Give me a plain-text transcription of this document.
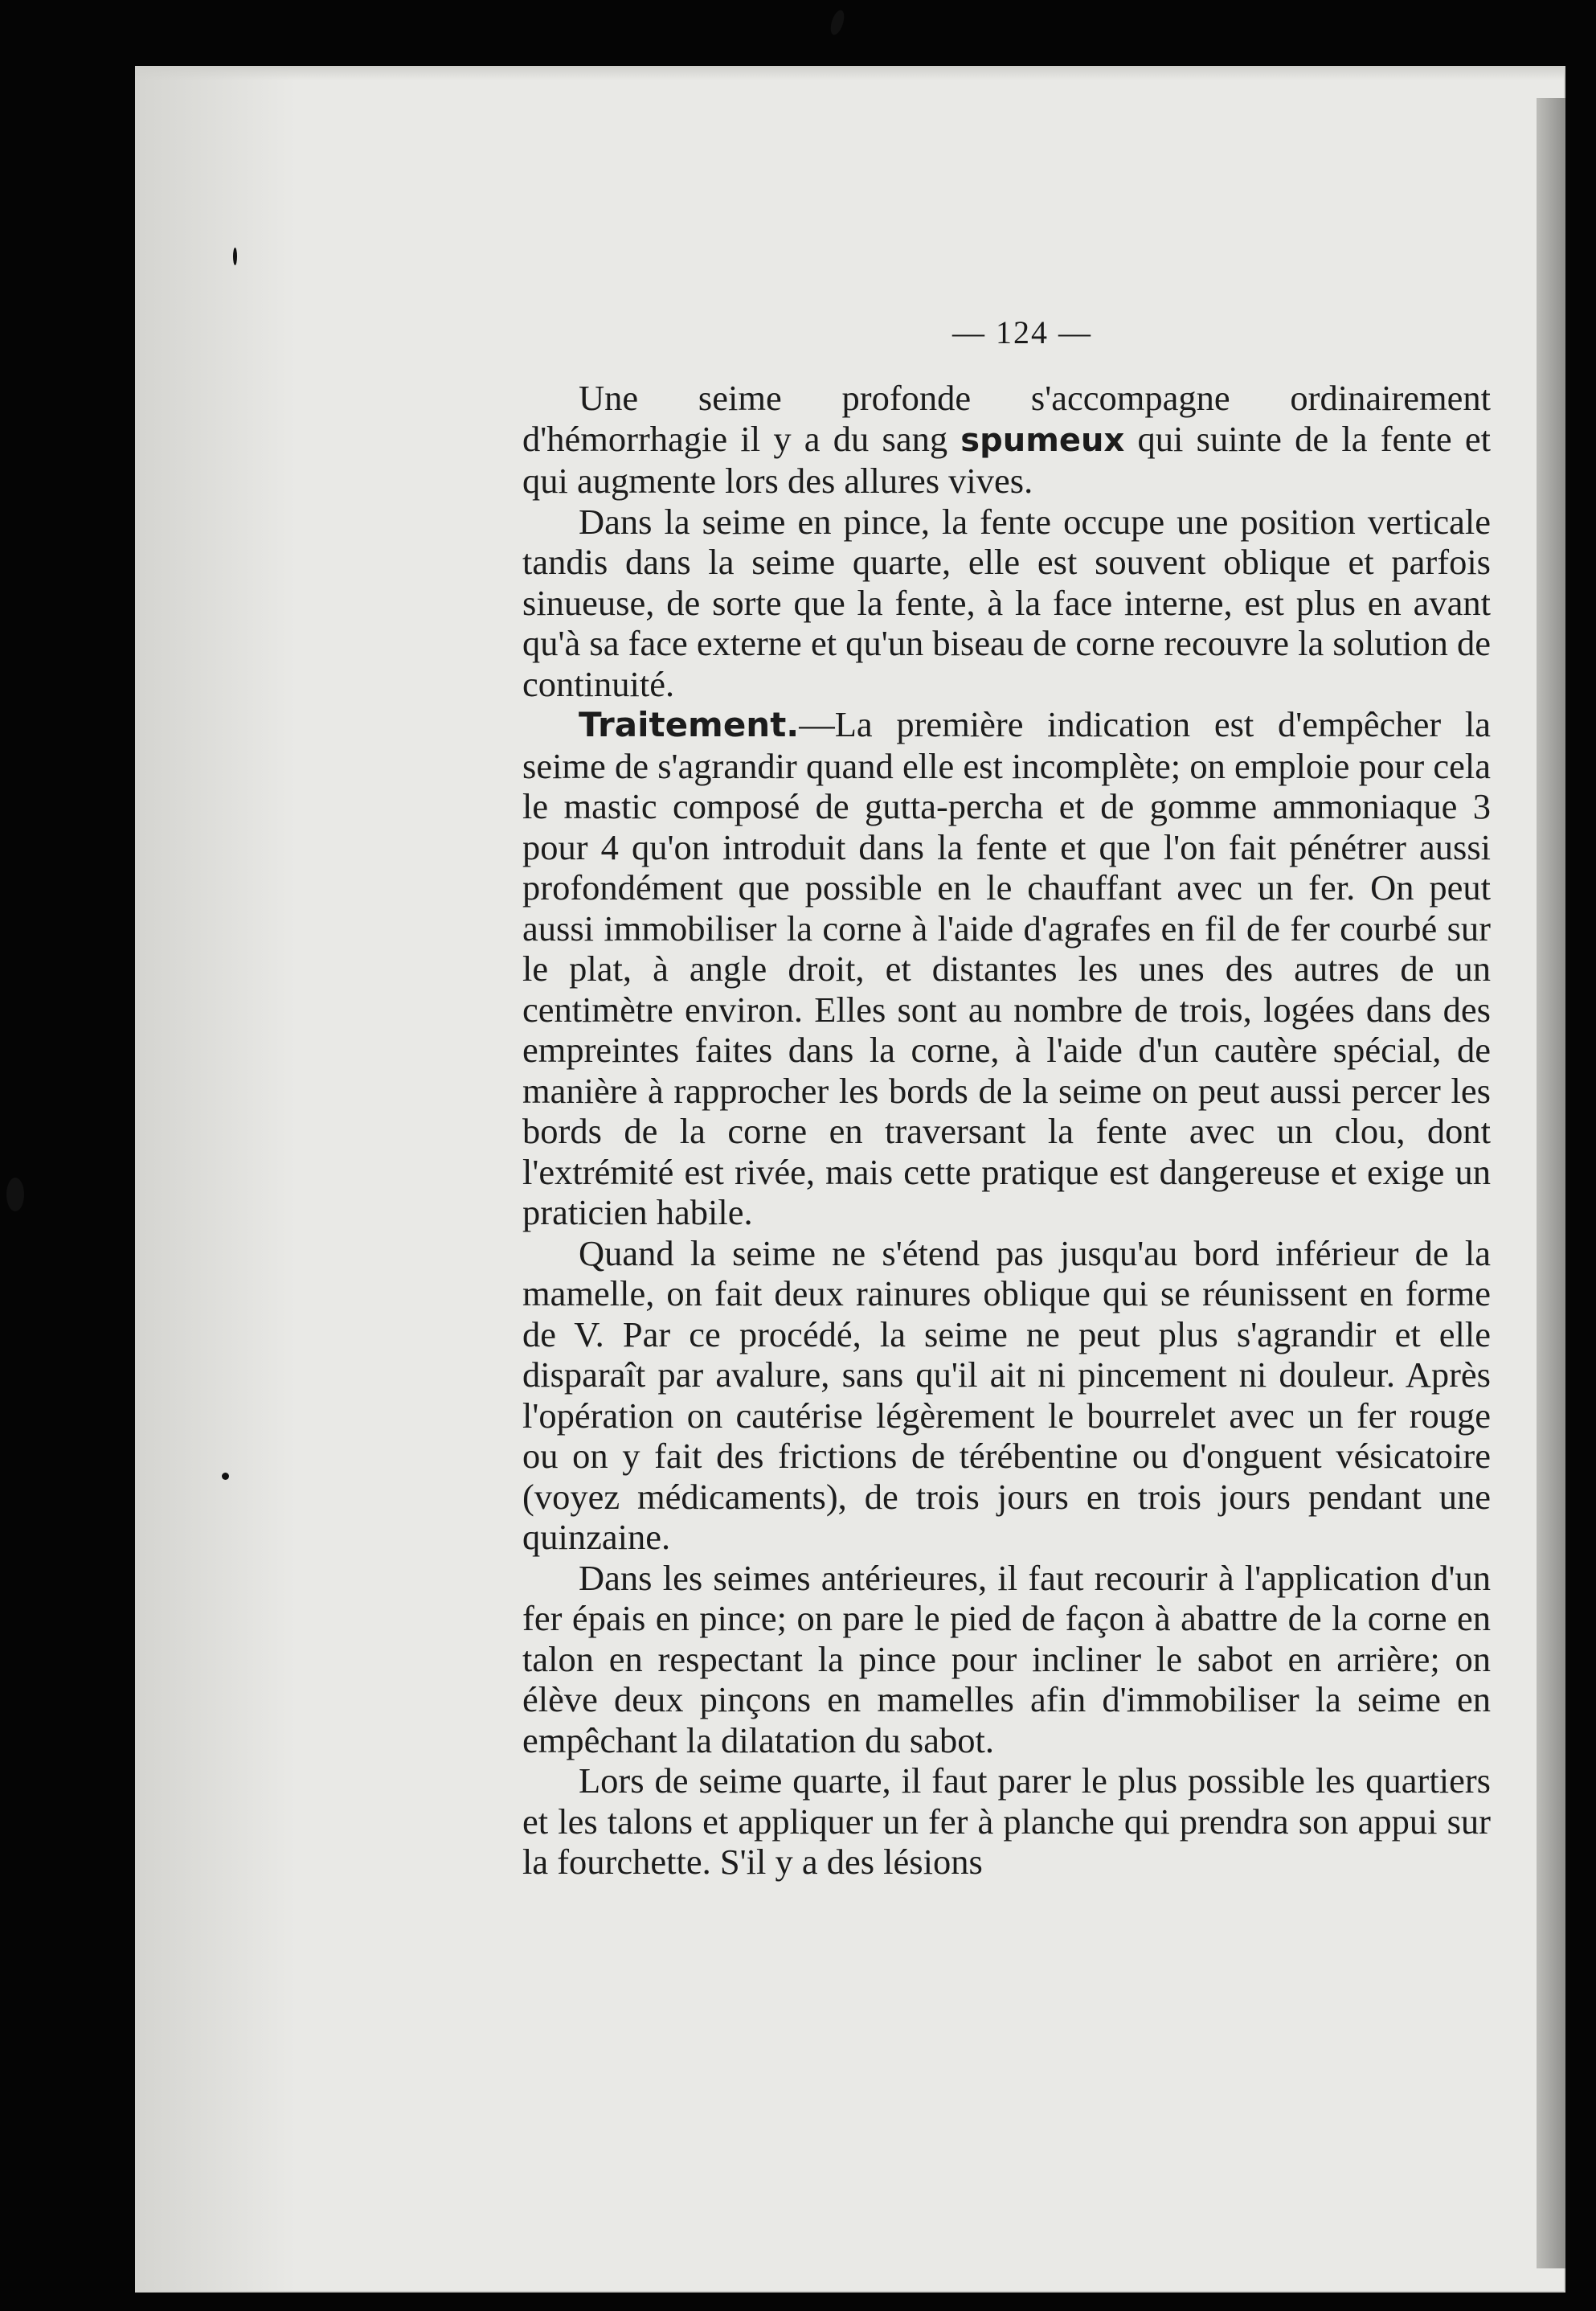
— 124 —

Une seime profonde s'accompagne ordinairement d'hémorrhagie il y a du sang spumeux qui suinte de la fente et qui augmente lors des allures vives.

Dans la seime en pince, la fente occupe une position verticale tandis dans la seime quarte, elle est souvent oblique et parfois sinueuse, de sorte que la fente, à la face interne, est plus en avant qu'à sa face externe et qu'un biseau de corne recouvre la solution de continuité.

Traitement.—La première indication est d'empêcher la seime de s'agrandir quand elle est incomplète; on emploie pour cela le mastic composé de gutta-percha et de gomme ammoniaque 3 pour 4 qu'on introduit dans la fente et que l'on fait pénétrer aussi profondément que possible en le chauffant avec un fer. On peut aussi immobiliser la corne à l'aide d'agrafes en fil de fer courbé sur le plat, à angle droit, et distantes les unes des autres de un centimètre environ. Elles sont au nombre de trois, logées dans des empreintes faites dans la corne, à l'aide d'un cautère spécial, de manière à rapprocher les bords de la seime on peut aussi percer les bords de la corne en traversant la fente avec un clou, dont l'extrémité est rivée, mais cette pratique est dangereuse et exige un praticien habile.

Quand la seime ne s'étend pas jusqu'au bord inférieur de la mamelle, on fait deux rainures oblique qui se réunissent en forme de V. Par ce procédé, la seime ne peut plus s'agrandir et elle disparaît par avalure, sans qu'il ait ni pincement ni douleur. Après l'opération on cautérise légèrement le bourrelet avec un fer rouge ou on y fait des frictions de térébentine ou d'onguent vésicatoire (voyez médicaments), de trois jours en trois jours pendant une quinzaine.

Dans les seimes antérieures, il faut recourir à l'application d'un fer épais en pince; on pare le pied de façon à abattre de la corne en talon en respectant la pince pour incliner le sabot en arrière; on élève deux pinçons en mamelles afin d'immobiliser la seime en empêchant la dilatation du sabot.

Lors de seime quarte, il faut parer le plus possible les quartiers et les talons et appliquer un fer à planche qui prendra son appui sur la fourchette. S'il y a des lésions
